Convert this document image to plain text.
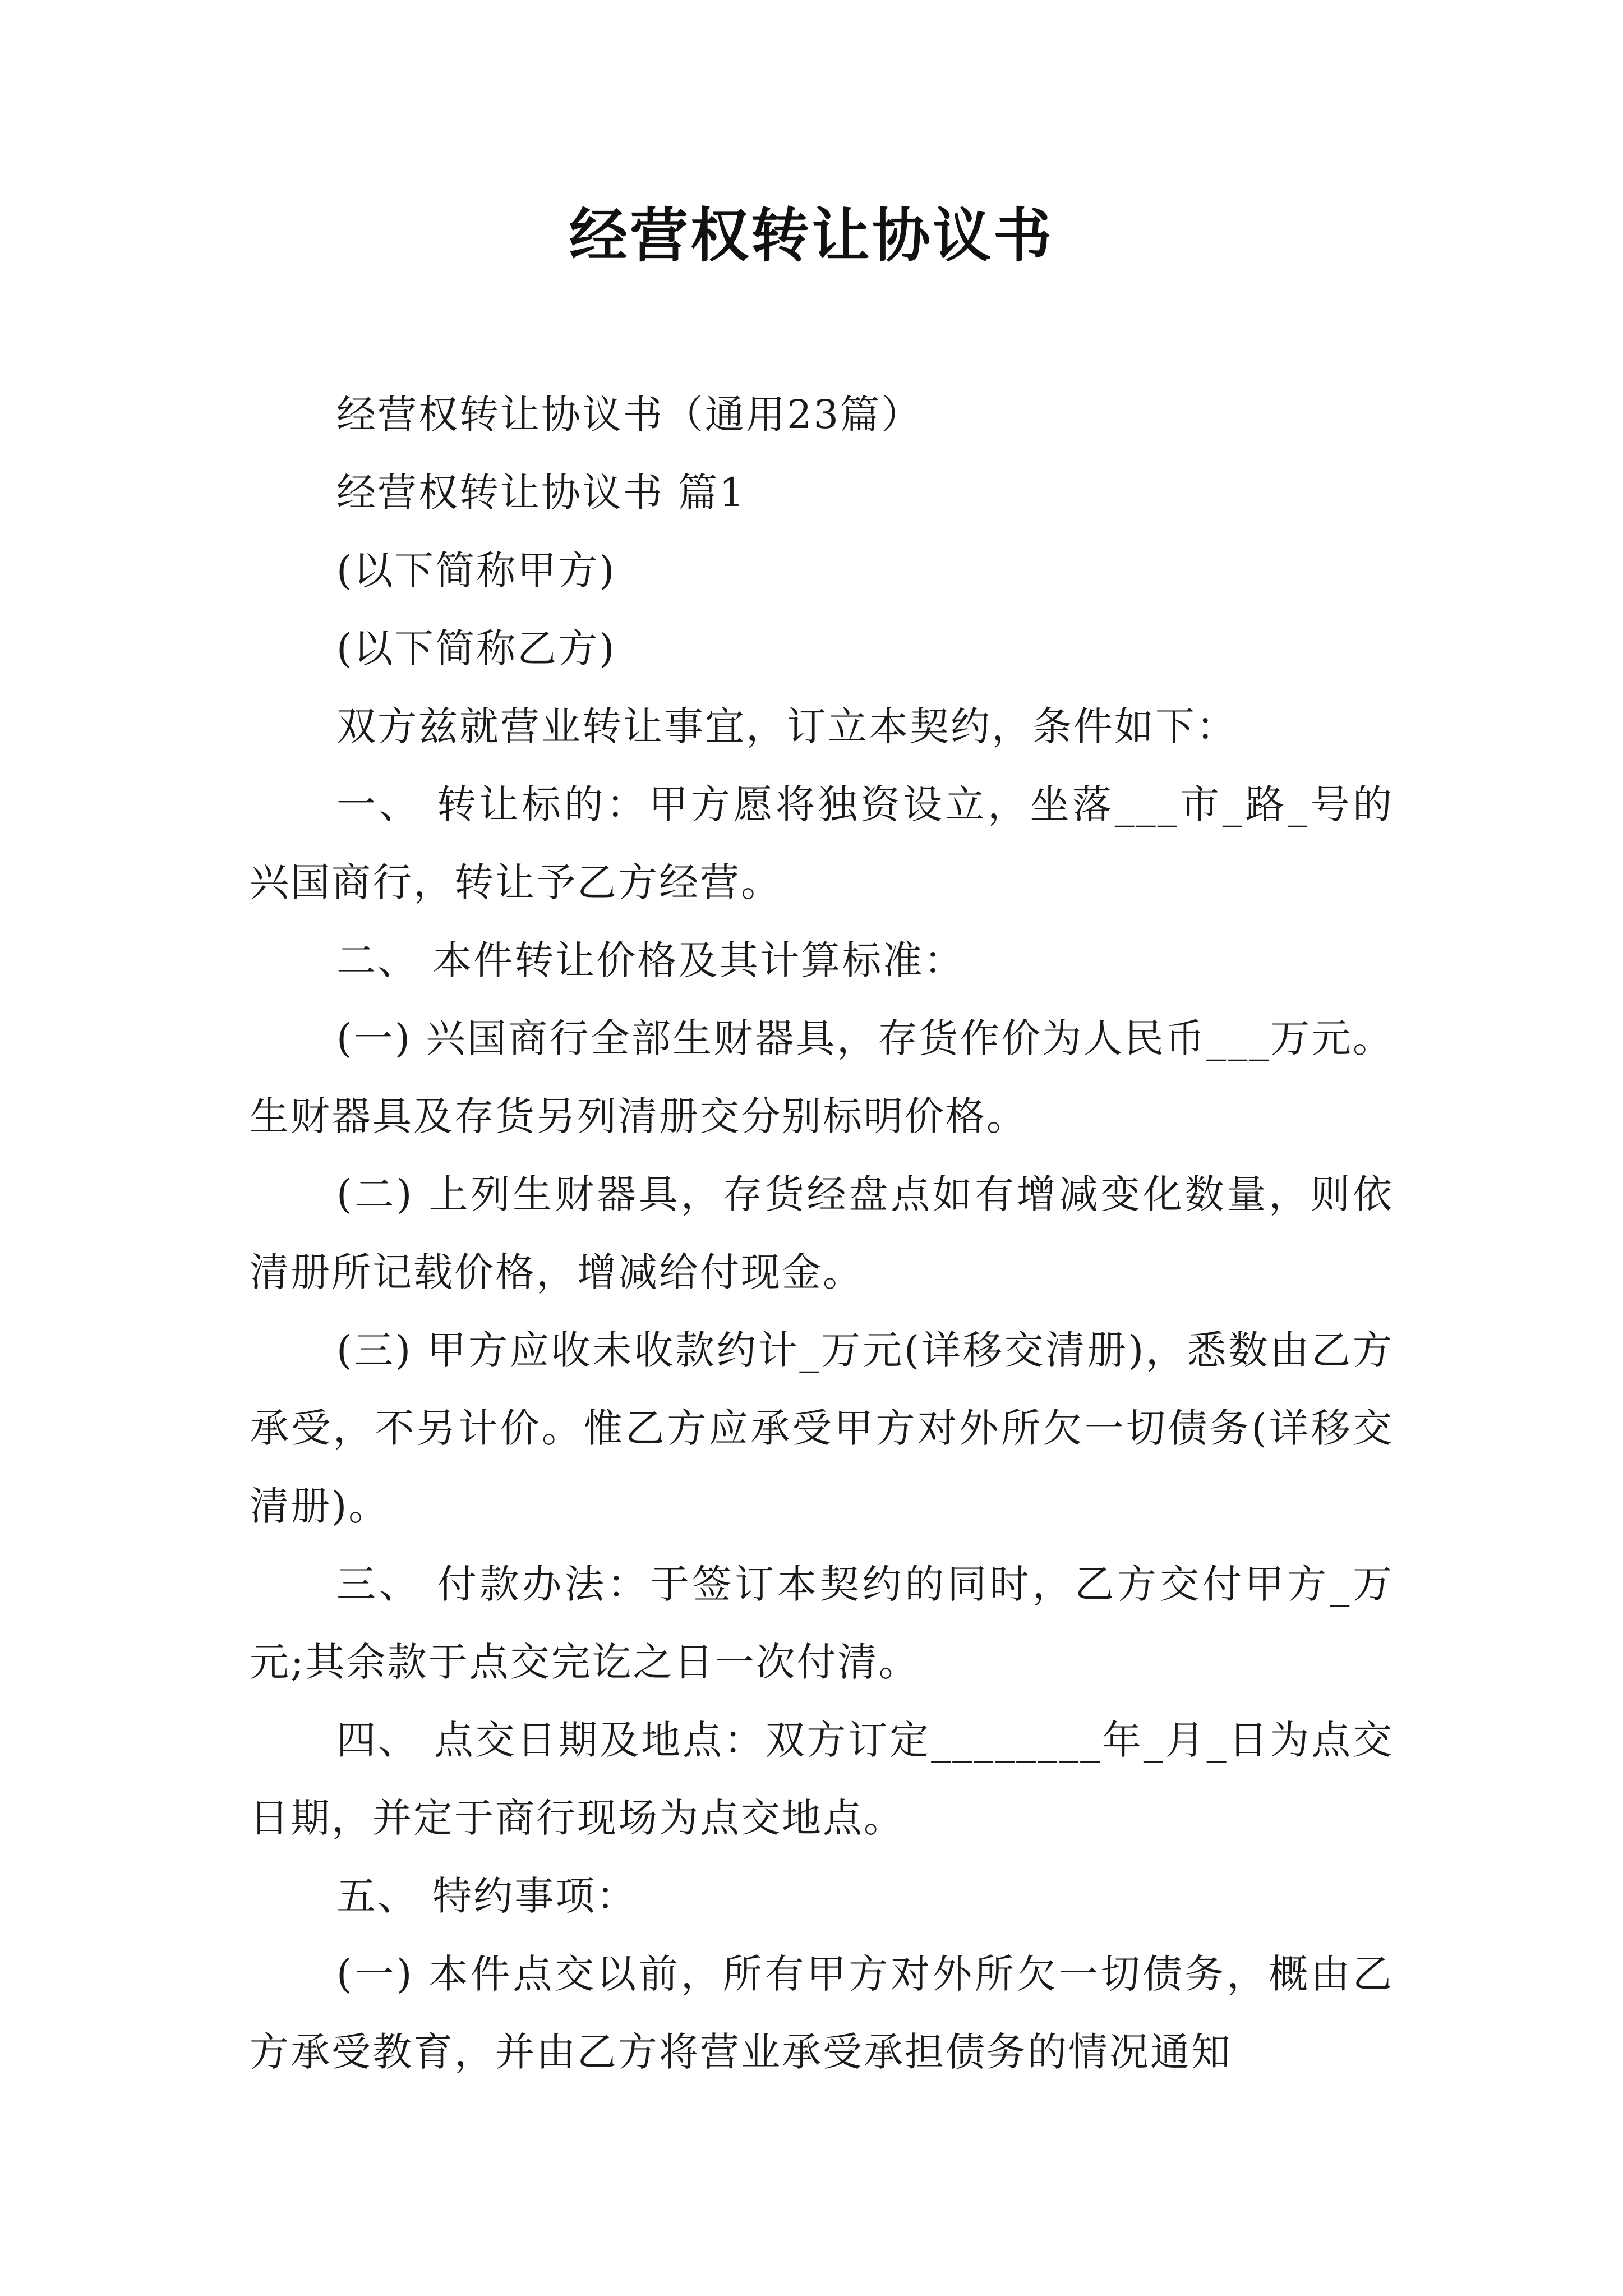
经营权转让协议书

经营权转让协议书（通用23篇）

经营权转让协议书 篇1

(以下简称甲方)

(以下简称乙方)

双方兹就营业转让事宜，订立本契约，条件如下：

一、 转让标的：甲方愿将独资设立，坐落___市_路_号的兴国商行，转让予乙方经营。

二、 本件转让价格及其计算标准：

(一) 兴国商行全部生财器具，存货作价为人民币___万元。生财器具及存货另列清册交分别标明价格。

(二) 上列生财器具，存货经盘点如有增减变化数量，则依清册所记载价格，增减给付现金。

(三) 甲方应收未收款约计_万元(详移交清册)，悉数由乙方承受，不另计价。惟乙方应承受甲方对外所欠一切债务(详移交清册)。

三、 付款办法：于签订本契约的同时，乙方交付甲方_万元;其余款于点交完讫之日一次付清。

四、 点交日期及地点：双方订定________年_月_日为点交日期，并定于商行现场为点交地点。

五、 特约事项：

(一) 本件点交以前，所有甲方对外所欠一切债务，概由乙方承受教育，并由乙方将营业承受承担债务的情况通知
